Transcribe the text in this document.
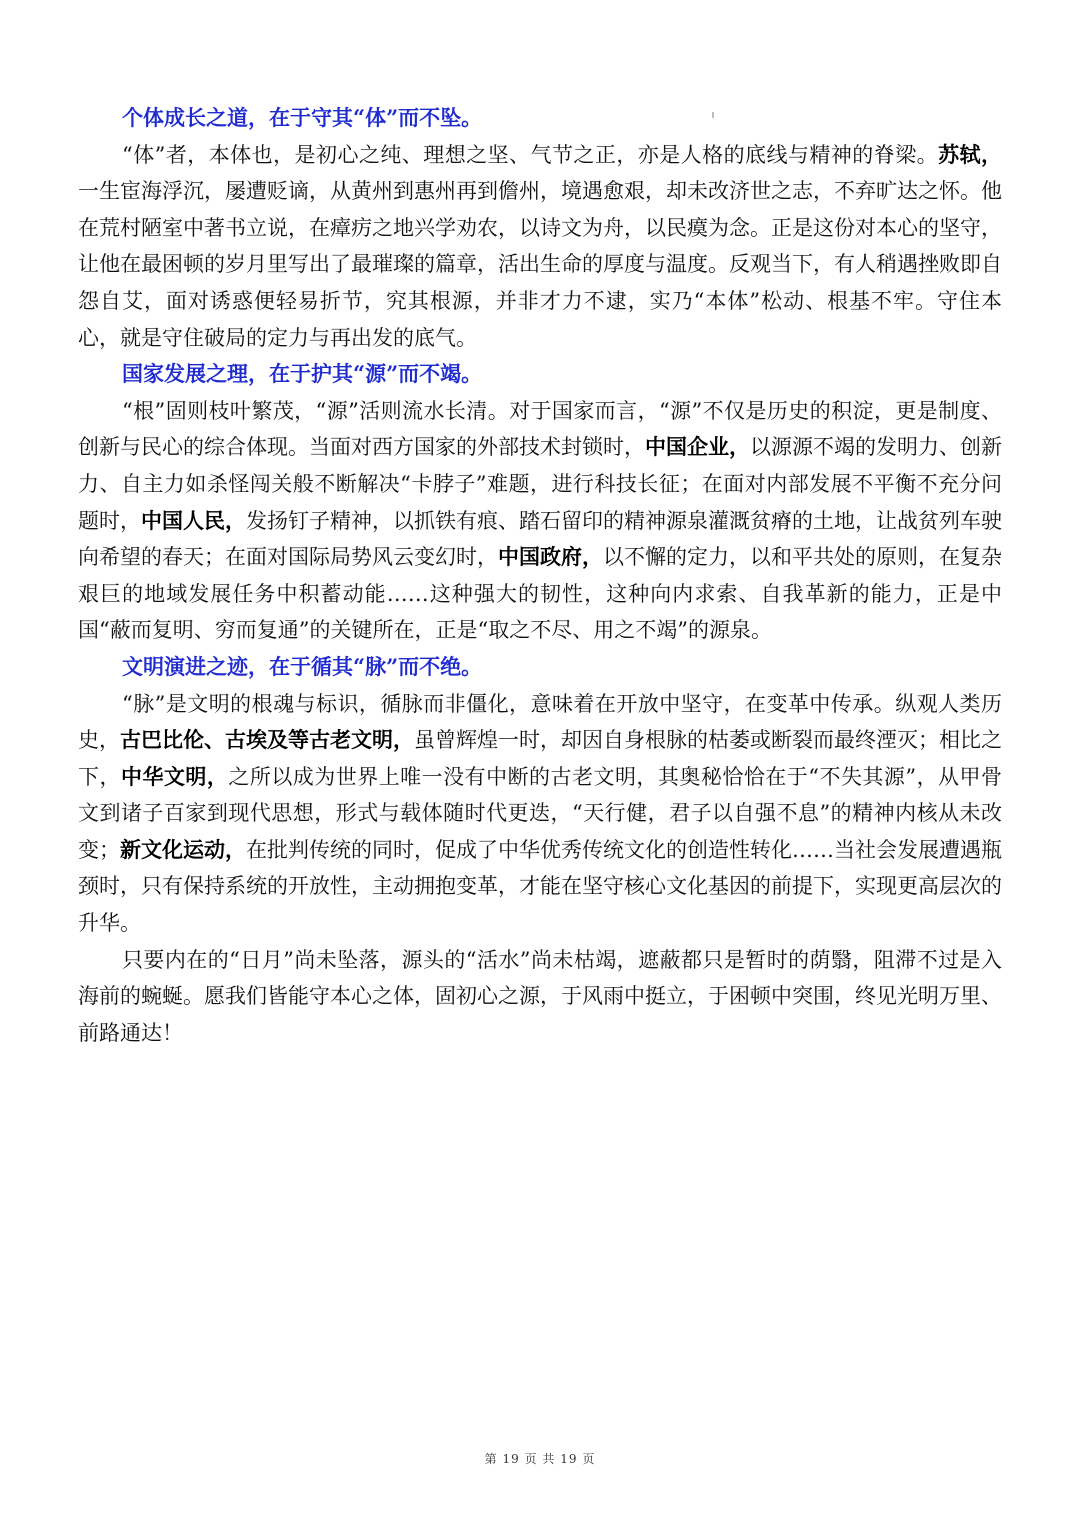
个体成长之道，在于守其“体”而不坠。

“体”者，本体也，是初心之纯、理想之坚、气节之正，亦是人格的底线与精神的脊梁。苏轼，一生宦海浮沉，屡遭贬谪，从黄州到惠州再到儋州，境遇愈艰，却未改济世之志，不弃旷达之怀。他在荒村陋室中著书立说，在瘴疠之地兴学劝农，以诗文为舟，以民瘼为念。正是这份对本心的坚守，让他在最困顿的岁月里写出了最璀璨的篇章，活出生命的厚度与温度。反观当下，有人稍遇挫败即自怨自艾，面对诱惑便轻易折节，究其根源，并非才力不逮，实乃“本体”松动、根基不牢。守住本心，就是守住破局的定力与再出发的底气。

国家发展之理，在于护其“源”而不竭。

“根”固则枝叶繁茂，“源”活则流水长清。对于国家而言，“源”不仅是历史的积淀，更是制度、创新与民心的综合体现。当面对西方国家的外部技术封锁时，中国企业，以源源不竭的发明力、创新力、自主力如杀怪闯关般不断解决“卡脖子”难题，进行科技长征；在面对内部发展不平衡不充分问题时，中国人民，发扬钉子精神，以抓铁有痕、踏石留印的精神源泉灌溉贫瘠的土地，让战贫列车驶向希望的春天；在面对国际局势风云变幻时，中国政府，以不懈的定力，以和平共处的原则，在复杂艰巨的地域发展任务中积蓄动能……这种强大的韧性，这种向内求索、自我革新的能力，正是中国“蔽而复明、穷而复通”的关键所在，正是“取之不尽、用之不竭”的源泉。

文明演进之迹，在于循其“脉”而不绝。

“脉”是文明的根魂与标识，循脉而非僵化，意味着在开放中坚守，在变革中传承。纵观人类历史，古巴比伦、古埃及等古老文明，虽曾辉煌一时，却因自身根脉的枯萎或断裂而最终湮灭；相比之下，中华文明，之所以成为世界上唯一没有中断的古老文明，其奥秘恰恰在于“不失其源”，从甲骨文到诸子百家到现代思想，形式与载体随时代更迭，“天行健，君子以自强不息”的精神内核从未改变；新文化运动，在批判传统的同时，促成了中华优秀传统文化的创造性转化……当社会发展遭遇瓶颈时，只有保持系统的开放性，主动拥抱变革，才能在坚守核心文化基因的前提下，实现更高层次的升华。

只要内在的“日月”尚未坠落，源头的“活水”尚未枯竭，遮蔽都只是暂时的荫翳，阻滞不过是入海前的蜿蜒。愿我们皆能守本心之体，固初心之源，于风雨中挺立，于困顿中突围，终见光明万里、前路通达！

第 19 页 共 19 页
